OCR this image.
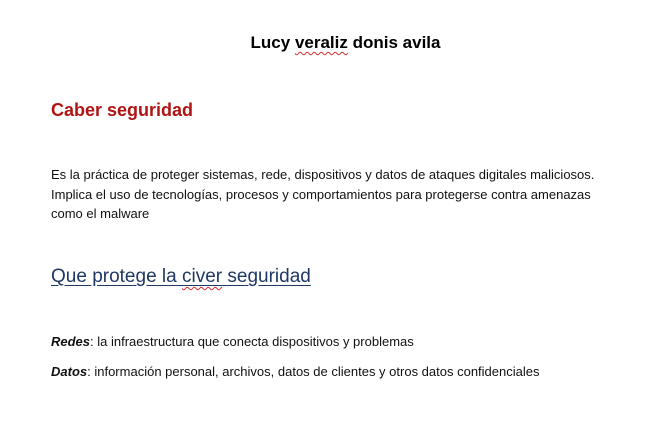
Lucy veraliz donis avila
Caber seguridad
Es la práctica de proteger sistemas, rede, dispositivos y datos de ataques digitales maliciosos. Implica el uso de tecnologías, procesos y comportamientos para protegerse contra amenazas como el malware
Que protege la civer seguridad
Redes: la infraestructura que conecta dispositivos y problemas
Datos: información personal, archivos, datos de clientes y otros datos confidenciales
